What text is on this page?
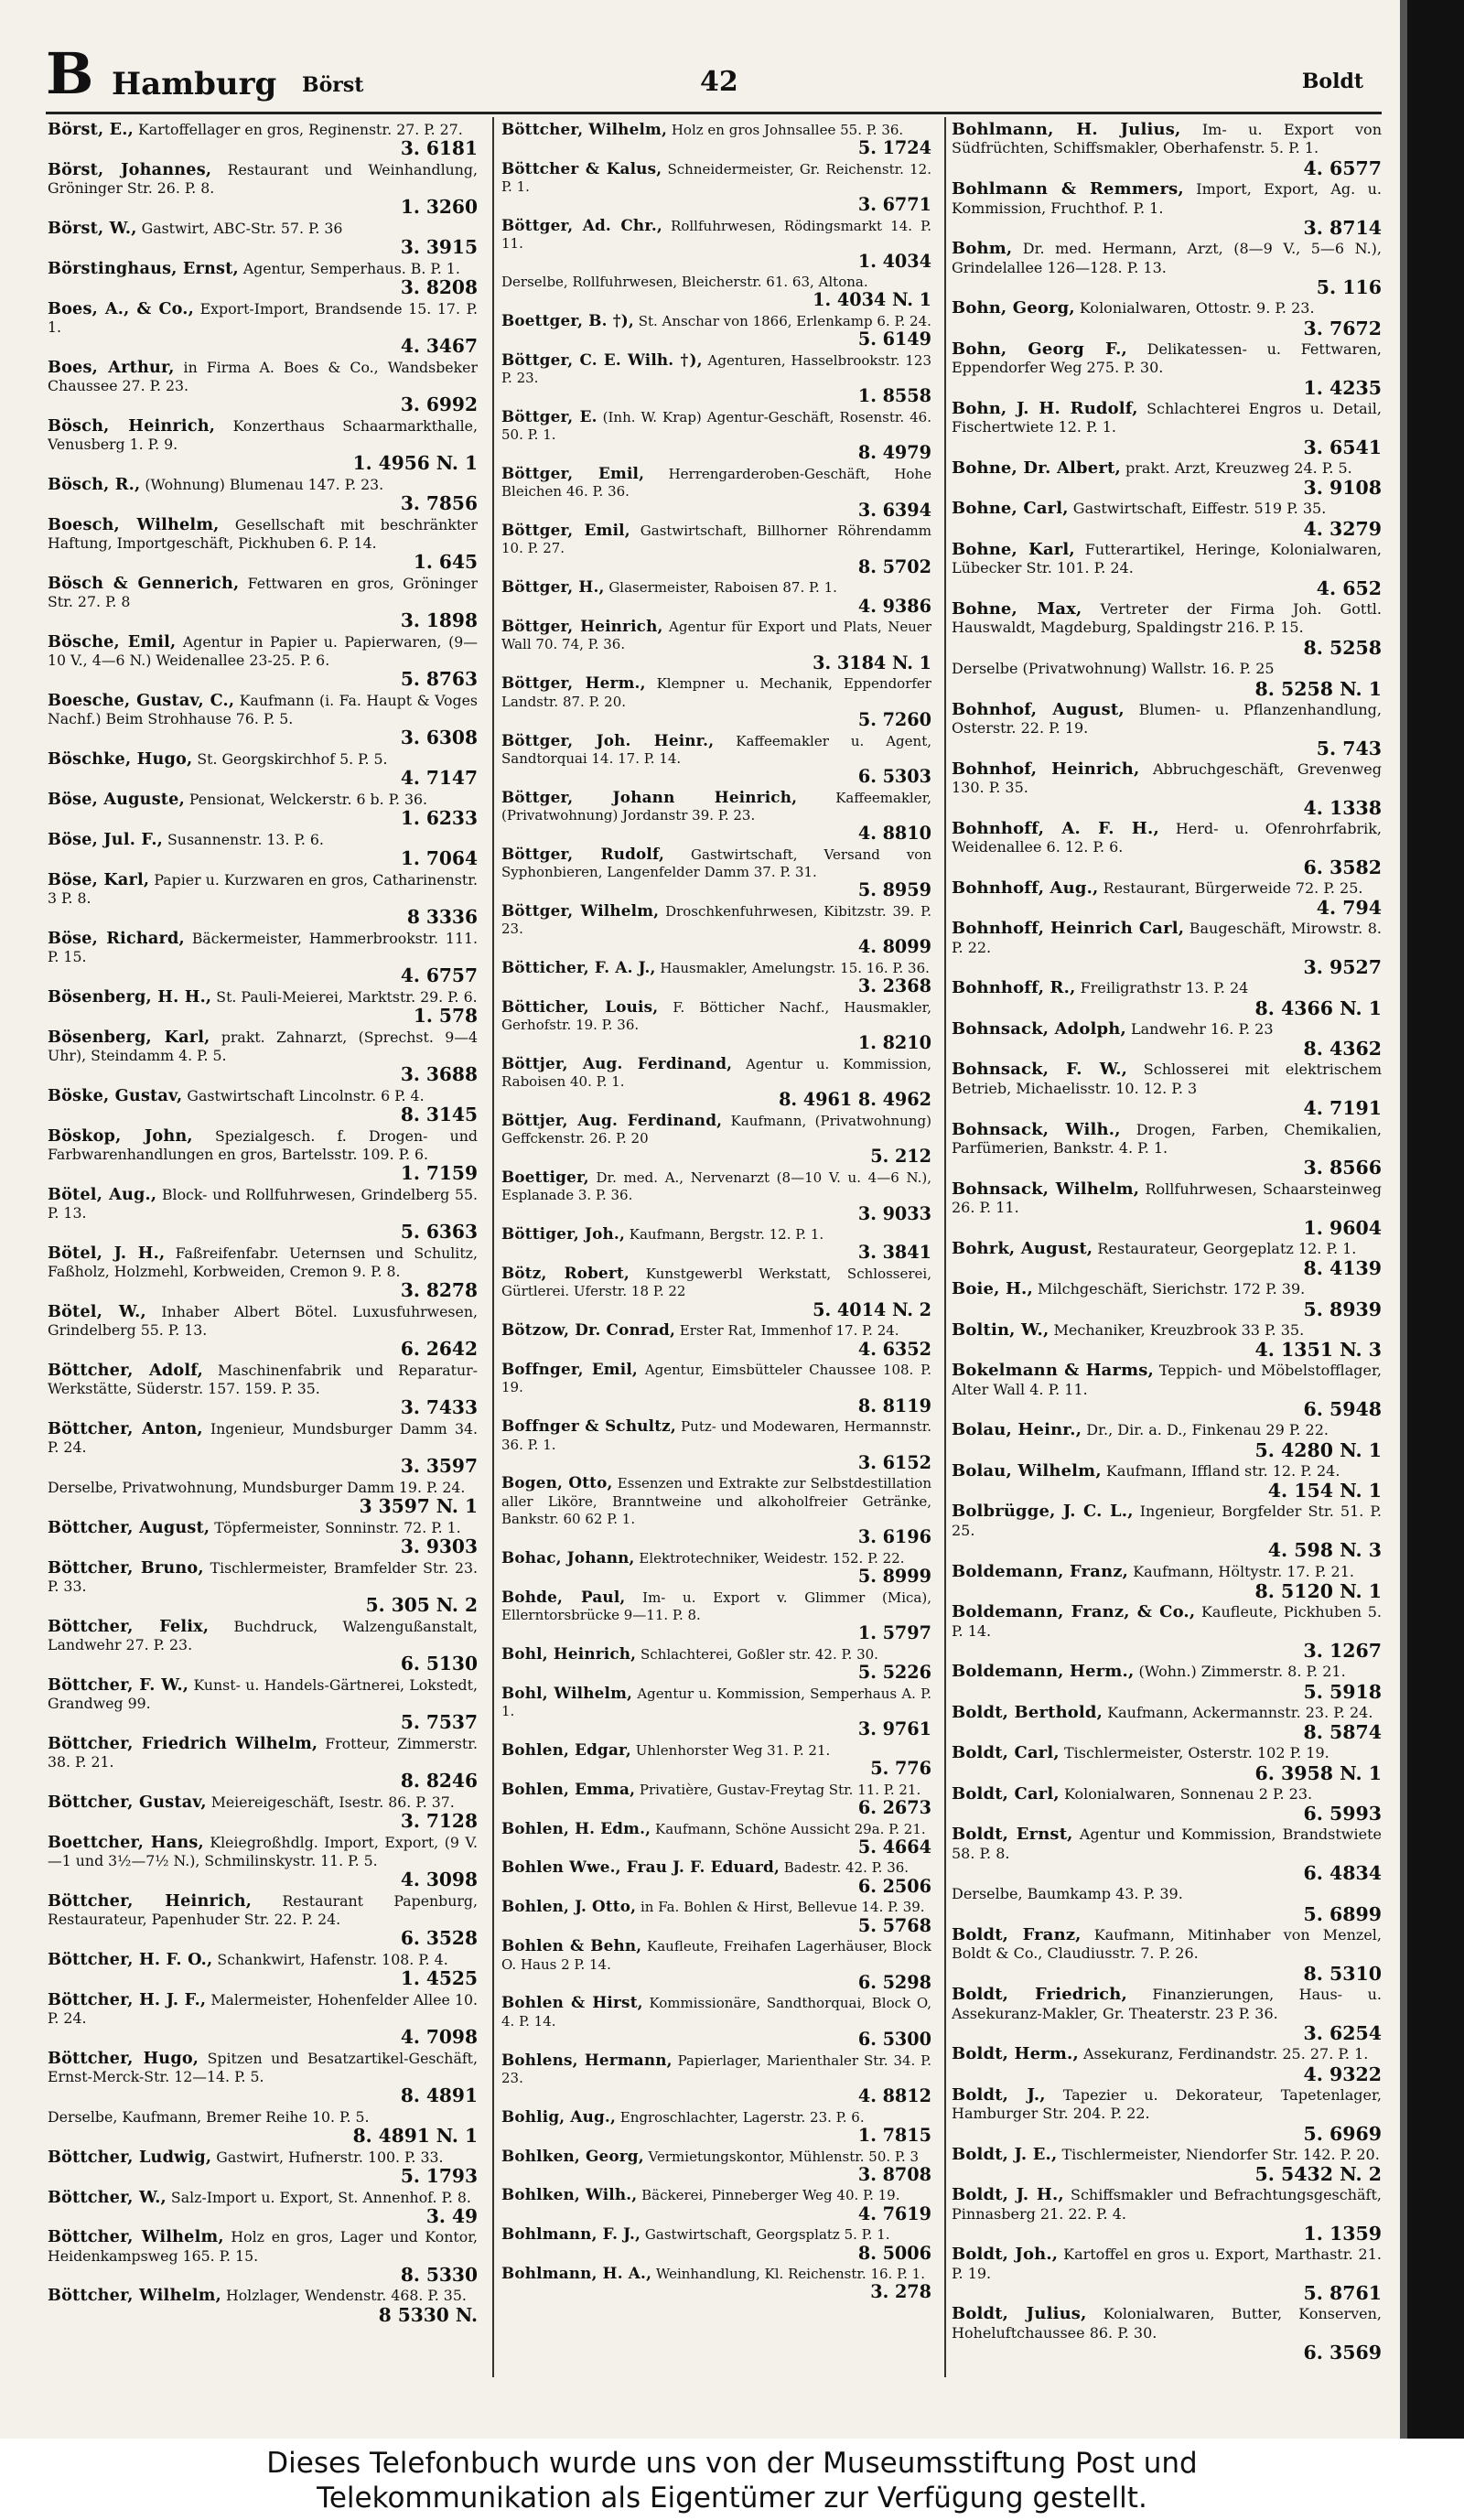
B Hamburg Börst	42	Boldt
Börst, E., Kartoffellager en gros, Reginenstr. 27. P. 27.
3. 6181
Börst, Johannes, Restaurant und Weinhandlung, Gröninger Str. 26. P. 8.
1. 3260
Börst, W., Gastwirt, ABC-Str. 57. P. 36
3. 3915
Börstinghaus, Ernst, Agentur, Semperhaus. B. P. 1.
3. 8208
Boes, A., & Co., Export-Import, Brandsende 15. 17. P. 1.
4. 3467
Boes, Arthur, in Firma A. Boes & Co., Wandsbeker Chaussee 27. P. 23.
3. 6992
Bösch, Heinrich, Konzerthaus Schaarmarkthalle, Venusberg 1. P. 9.
1. 4956 N. 1
Bösch, R., (Wohnung) Blumenau 147. P. 23.
3. 7856
Boesch, Wilhelm, Gesellschaft mit beschränkter Haftung, Importgeschäft, Pickhuben 6. P. 14.
1. 645
Bösch & Gennerich, Fettwaren en gros, Gröninger Str. 27. P. 8
3. 1898
Bösche, Emil, Agentur in Papier u. Papierwaren, (9—10 V., 4—6 N.) Weidenallee 23-25. P. 6.
5. 8763
Boesche, Gustav, C., Kaufmann (i. Fa. Haupt & Voges Nachf.) Beim Strohhause 76. P. 5.
3. 6308
Böschke, Hugo, St. Georgskirchhof 5. P. 5.
4. 7147
Böse, Auguste, Pensionat, Welckerstr. 6 b. P. 36.
1. 6233
Böse, Jul. F., Susannenstr. 13. P. 6.
1. 7064
Böse, Karl, Papier u. Kurzwaren en gros, Catharinenstr. 3 P. 8.
8 3336
Böse, Richard, Bäckermeister, Hammerbrookstr. 111. P. 15.
4. 6757
Bösenberg, H. H., St. Pauli-Meierei, Marktstr. 29. P. 6.
1. 578
Bösenberg, Karl, prakt. Zahnarzt, (Sprechst. 9—4 Uhr), Steindamm 4. P. 5.
3. 3688
Böske, Gustav, Gastwirtschaft Lincolnstr. 6 P. 4.
8. 3145
Böskop, John, Spezialgesch. f. Drogen- und Farbwarenhandlungen en gros, Bartelsstr. 109. P. 6.
1. 7159
Bötel, Aug., Block- und Rollfuhrwesen, Grindelberg 55. P. 13.
5. 6363
Bötel, J. H., Faßreifenfabr. Ueternsen und Schulitz, Faßholz, Holzmehl, Korbweiden, Cremon 9. P. 8.
3. 8278
Bötel, W., Inhaber Albert Bötel. Luxusfuhrwesen, Grindelberg 55. P. 13.
6. 2642
Böttcher, Adolf, Maschinenfabrik und Reparatur-Werkstätte, Süderstr. 157. 159. P. 35.
3. 7433
Böttcher, Anton, Ingenieur, Mundsburger Damm 34. P. 24.
3. 3597
Derselbe, Privatwohnung, Mundsburger Damm 19. P. 24.
3 3597 N. 1
Böttcher, August, Töpfermeister, Sonninstr. 72. P. 1.
3. 9303
Böttcher, Bruno, Tischlermeister, Bramfelder Str. 23. P. 33.
5. 305 N. 2
Böttcher, Felix, Buchdruck, Walzengußanstalt, Landwehr 27. P. 23.
6. 5130
Böttcher, F. W., Kunst- u. Handels-Gärtnerei, Lokstedt, Grandweg 99.
5. 7537
Böttcher, Friedrich Wilhelm, Frotteur, Zimmerstr. 38. P. 21.
8. 8246
Böttcher, Gustav, Meiereigeschäft, Isestr. 86. P. 37.
3. 7128
Boettcher, Hans, Kleiegroßhdlg. Import, Export, (9 V.—1 und 3½—7½ N.), Schmilinskystr. 11. P. 5.
4. 3098
Böttcher, Heinrich, Restaurant Papenburg, Restaurateur, Papenhuder Str. 22. P. 24.
6. 3528
Böttcher, H. F. O., Schankwirt, Hafenstr. 108. P. 4.
1. 4525
Böttcher, H. J. F., Malermeister, Hohenfelder Allee 10. P. 24.
4. 7098
Böttcher, Hugo, Spitzen und Besatzartikel-Geschäft, Ernst-Merck-Str. 12—14. P. 5.
8. 4891
Derselbe, Kaufmann, Bremer Reihe 10. P. 5.
8. 4891 N. 1
Böttcher, Ludwig, Gastwirt, Hufnerstr. 100. P. 33.
5. 1793
Böttcher, W., Salz-Import u. Export, St. Annenhof. P. 8.
3. 49
Böttcher, Wilhelm, Holz en gros, Lager und Kontor, Heidenkampsweg 165. P. 15.
8. 5330
Böttcher, Wilhelm, Holzlager, Wendenstr. 468. P. 35.
8 5330 N.
Böttcher, Wilhelm, Holz en gros Johnsallee 55. P. 36.
5. 1724
Böttcher & Kalus, Schneidermeister, Gr. Reichenstr. 12. P. 1.
3. 6771
Böttger, Ad. Chr., Rollfuhrwesen, Rödingsmarkt 14. P. 11.
1. 4034
Derselbe, Rollfuhrwesen, Bleicherstr. 61. 63, Altona.
1. 4034 N. 1
Boettger, B. †), St. Anschar von 1866, Erlenkamp 6. P. 24.
5. 6149
Böttger, C. E. Wilh. †), Agenturen, Hasselbrookstr. 123 P. 23.
1. 8558
Böttger, E. (Inh. W. Krap) Agentur-Geschäft, Rosenstr. 46. 50. P. 1.
8. 4979
Böttger, Emil, Herrengarderoben-Geschäft, Hohe Bleichen 46. P. 36.
3. 6394
Böttger, Emil, Gastwirtschaft, Billhorner Röhrendamm 10. P. 27.
8. 5702
Böttger, H., Glasermeister, Raboisen 87. P. 1.
4. 9386
Böttger, Heinrich, Agentur für Export und Plats, Neuer Wall 70. 74, P. 36.
3. 3184 N. 1
Böttger, Herm., Klempner u. Mechanik, Eppendorfer Landstr. 87. P. 20.
5. 7260
Böttger, Joh. Heinr., Kaffeemakler u. Agent, Sandtorquai 14. 17. P. 14.
6. 5303
Böttger, Johann Heinrich,	Kaffeemakler, (Privatwohnung) Jordanstr 39. P. 23.
4. 8810
Böttger, Rudolf, Gastwirtschaft, Versand von Syphonbieren, Langenfelder Damm 37. P. 31.
5. 8959
Böttger, Wilhelm, Droschkenfuhrwesen, Kibitzstr. 39. P. 23.
4. 8099
Bötticher, F. A. J., Hausmakler, Amelungstr. 15. 16. P. 36.
3. 2368
Bötticher, Louis, F. Bötticher Nachf., Hausmakler, Gerhofstr. 19. P. 36.
1. 8210
Böttjer, Aug. Ferdinand, Agentur u. Kommission, Raboisen 40. P. 1.
8. 4961 8. 4962
Böttjer, Aug. Ferdinand, Kaufmann, (Privatwohnung) Geffckenstr. 26. P. 20
5. 212
Boettiger, Dr. med. A., Nervenarzt (8—10 V. u. 4—6 N.), Esplanade 3. P. 36.
3. 9033
Böttiger, Joh., Kaufmann, Bergstr. 12. P. 1.
3. 3841
Bötz, Robert, Kunstgewerbl Werkstatt, Schlosserei, Gürtlerei. Uferstr. 18 P. 22
5. 4014 N. 2
Bötzow, Dr. Conrad, Erster Rat, Immenhof 17. P. 24.
4. 6352
Boffnger, Emil, Agentur, Eimsbütteler Chaussee 108. P. 19.
8. 8119
Boffnger & Schultz, Putz- und Modewaren, Hermannstr. 36. P. 1.
3. 6152
Bogen, Otto, Essenzen und Extrakte zur Selbstdestillation aller Liköre, Branntweine und alkoholfreier Getränke, Bankstr. 60 62 P. 1.
3. 6196
Bohac, Johann, Elektrotechniker, Weidestr. 152. P. 22.
5. 8999
Bohde, Paul, Im- u. Export v. Glimmer (Mica), Ellerntorsbrücke 9—11. P. 8.
1. 5797
Bohl, Heinrich, Schlachterei, Goßler str. 42. P. 30.
5. 5226
Bohl, Wilhelm, Agentur u. Kommission, Semperhaus A. P. 1.
3. 9761
Bohlen, Edgar, Uhlenhorster Weg 31. P. 21.
5. 776
Bohlen, Emma, Privatière, Gustav-Freytag Str. 11. P. 21.
6. 2673
Bohlen, H. Edm., Kaufmann, Schöne Aussicht 29a. P. 21.
5. 4664
Bohlen Wwe., Frau J. F. Eduard, Badestr. 42. P. 36.
6. 2506
Bohlen, J. Otto, in Fa. Bohlen & Hirst, Bellevue 14. P. 39.
5. 5768
Bohlen & Behn, Kaufleute, Freihafen Lagerhäuser, Block O. Haus 2 P. 14.
6. 5298
Bohlen & Hirst, Kommissionäre, Sandthorquai, Block O, 4. P. 14.
6. 5300
Bohlens, Hermann, Papierlager, Marienthaler Str. 34. P. 23.
4. 8812
Bohlig, Aug., Engroschlachter, Lagerstr. 23. P. 6.
1. 7815
Bohlken, Georg, Vermietungskontor, Mühlenstr. 50. P. 3
3. 8708
Bohlken, Wilh., Bäckerei, Pinneberger Weg 40. P. 19.
4. 7619
Bohlmann, F. J., Gastwirtschaft, Georgsplatz 5. P. 1.
8. 5006
Bohlmann, H. A., Weinhandlung, Kl. Reichenstr. 16. P. 1.
3. 278
Bohlmann, H. Julius, Im- u. Export von Südfrüchten, Schiffsmakler, Oberhafenstr. 5. P. 1.
4. 6577
Bohlmann & Remmers, Import, Export, Ag. u. Kommission, Fruchthof. P. 1.
3. 8714
Bohm, Dr. med. Hermann, Arzt, (8—9 V., 5—6 N.), Grindelallee 126—128. P. 13.
5. 116
Bohn, Georg, Kolonialwaren, Ottostr. 9. P. 23.
3. 7672
Bohn, Georg F., Delikatessen- u. Fettwaren, Eppendorfer Weg 275. P. 30.
1. 4235
Bohn, J. H. Rudolf, Schlachterei Engros u. Detail, Fischertwiete 12. P. 1.
3. 6541
Bohne, Dr. Albert, prakt. Arzt, Kreuzweg 24. P. 5.
3. 9108
Bohne, Carl, Gastwirtschaft, Eiffestr. 519 P. 35.
4. 3279
Bohne, Karl, Futterartikel, Heringe, Kolonialwaren, Lübecker Str. 101. P. 24.
4. 652
Bohne, Max, Vertreter der Firma Joh. Gottl. Hauswaldt, Magdeburg, Spaldingstr 216. P. 15.
8. 5258
Derselbe (Privatwohnung) Wallstr. 16. P. 25
8. 5258 N. 1
Bohnhof, August, Blumen- u. Pflanzenhandlung, Osterstr. 22. P. 19.
5. 743
Bohnhof, Heinrich, Abbruchgeschäft, Grevenweg 130. P. 35.
4. 1338
Bohnhoff, A. F. H., Herd- u. Ofenrohrfabrik, Weidenallee 6. 12. P. 6.
6. 3582
Bohnhoff, Aug., Restaurant, Bürgerweide 72. P. 25.
4. 794
Bohnhoff, Heinrich Carl, Baugeschäft, Mirowstr. 8. P. 22.
3. 9527
Bohnhoff, R., Freiligrathstr 13. P. 24
8. 4366 N. 1
Bohnsack, Adolph, Landwehr 16. P. 23
8. 4362
Bohnsack, F. W., Schlosserei mit elektrischem Betrieb, Michaelisstr. 10. 12. P. 3
4. 7191
Bohnsack, Wilh., Drogen, Farben, Chemikalien, Parfümerien, Bankstr. 4. P. 1.
3. 8566
Bohnsack, Wilhelm, Rollfuhrwesen, Schaarsteinweg 26. P. 11.
1. 9604
Bohrk, August, Restaurateur, Georgeplatz 12. P. 1.
8. 4139
Boie, H., Milchgeschäft, Sierichstr. 172 P. 39.
5. 8939
Boltin, W., Mechaniker, Kreuzbrook 33 P. 35.
4. 1351 N. 3
Bokelmann & Harms, Teppich- und Möbelstofflager, Alter Wall 4. P. 11.
6. 5948
Bolau, Heinr., Dr., Dir. a. D., Finkenau 29 P. 22.
5. 4280 N. 1
Bolau, Wilhelm, Kaufmann, Iffland str. 12. P. 24.
4. 154 N. 1
Bolbrügge, J. C. L., Ingenieur, Borgfelder Str. 51. P. 25.
4. 598 N. 3
Boldemann, Franz, Kaufmann, Höltystr. 17. P. 21.
8. 5120 N. 1
Boldemann, Franz, & Co., Kaufleute, Pickhuben 5. P. 14.
3. 1267
Boldemann, Herm., (Wohn.) Zimmerstr. 8. P. 21.
5. 5918
Boldt, Berthold, Kaufmann, Ackermannstr. 23. P. 24.
8. 5874
Boldt, Carl, Tischlermeister, Osterstr. 102 P. 19.
6. 3958 N. 1
Boldt, Carl, Kolonialwaren, Sonnenau 2 P. 23.
6. 5993
Boldt, Ernst, Agentur und Kommission, Brandstwiete 58. P. 8.
6. 4834
Derselbe, Baumkamp 43. P. 39.
5. 6899
Boldt, Franz, Kaufmann, Mitinhaber von Menzel, Boldt & Co., Claudiusstr. 7. P. 26.
8. 5310
Boldt, Friedrich, Finanzierungen, Haus- u. Assekuranz-Makler, Gr. Theaterstr. 23 P. 36.
3. 6254
Boldt, Herm., Assekuranz, Ferdinandstr. 25. 27. P. 1.
4. 9322
Boldt, J., Tapezier u. Dekorateur, Tapetenlager, Hamburger Str. 204. P. 22.
5. 6969
Boldt, J. E., Tischlermeister, Niendorfer Str. 142. P. 20.
5. 5432 N. 2
Boldt, J. H., Schiffsmakler und Befrachtungsgeschäft, Pinnasberg 21. 22. P. 4.
1. 1359
Boldt, Joh., Kartoffel en gros u. Export, Marthastr. 21. P. 19.
5. 8761
Boldt, Julius, Kolonialwaren, Butter, Konserven, Hoheluftchaussee 86. P. 30.
6. 3569
Dieses Telefonbuch wurde uns von der Museumsstiftung Post und
Telekommunikation als Eigentümer zur Verfügung gestellt.
